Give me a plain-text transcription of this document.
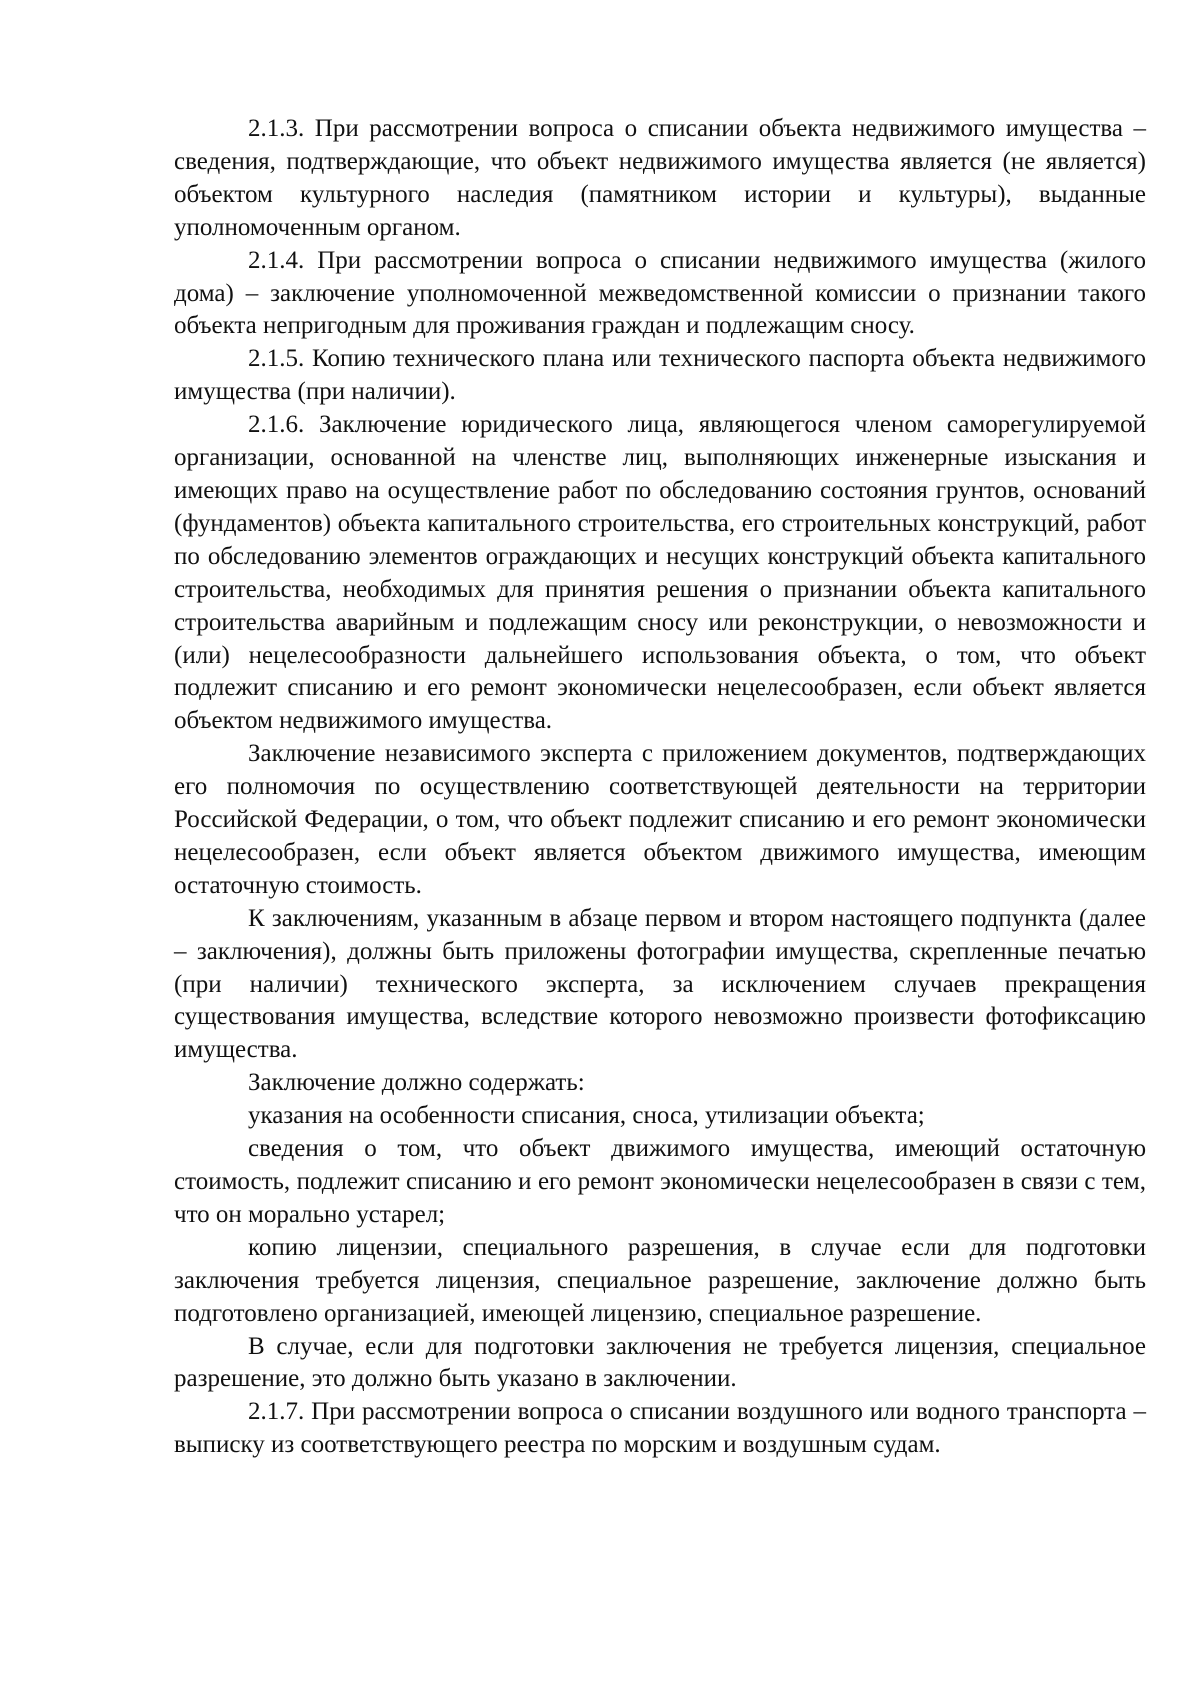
2.1.3. При рассмотрении вопроса о списании объекта недвижимого имущества – сведения, подтверждающие, что объект недвижимого имущества является (не является) объектом культурного наследия (памятником истории и культуры), выданные уполномоченным органом.

2.1.4. При рассмотрении вопроса о списании недвижимого имущества (жилого дома) – заключение уполномоченной межведомственной комиссии о признании такого объекта непригодным для проживания граждан и подлежащим сносу.

2.1.5. Копию технического плана или технического паспорта объекта недвижимого имущества (при наличии).

2.1.6. Заключение юридического лица, являющегося членом саморегулируемой организации, основанной на членстве лиц, выполняющих инженерные изыскания и имеющих право на осуществление работ по обследованию состояния грунтов, оснований (фундаментов) объекта капитального строительства, его строительных конструкций, работ по обследованию элементов ограждающих и несущих конструкций объекта капитального строительства, необходимых для принятия решения о признании объекта капитального строительства аварийным и подлежащим сносу или реконструкции, о невозможности и (или) нецелесообразности дальнейшего использования объекта, о том, что объект подлежит списанию и его ремонт экономически нецелесообразен, если объект является объектом недвижимого имущества.

Заключение независимого эксперта с приложением документов, подтверждающих его полномочия по осуществлению соответствующей деятельности на территории Российской Федерации, о том, что объект подлежит списанию и его ремонт экономически нецелесообразен, если объект является объектом движимого имущества, имеющим остаточную стоимость.

К заключениям, указанным в абзаце первом и втором настоящего подпункта (далее – заключения), должны быть приложены фотографии имущества, скрепленные печатью (при наличии) технического эксперта, за исключением случаев прекращения существования имущества, вследствие которого невозможно произвести фотофиксацию имущества.

Заключение должно содержать:

указания на особенности списания, сноса, утилизации объекта;

сведения о том, что объект движимого имущества, имеющий остаточную стоимость, подлежит списанию и его ремонт экономически нецелесообразен в связи с тем, что он морально устарел;

копию лицензии, специального разрешения, в случае если для подготовки заключения требуется лицензия, специальное разрешение, заключение должно быть подготовлено организацией, имеющей лицензию, специальное разрешение.

В случае, если для подготовки заключения не требуется лицензия, специальное разрешение, это должно быть указано в заключении.

2.1.7. При рассмотрении вопроса о списании воздушного или водного транспорта – выписку из соответствующего реестра по морским и воздушным судам.
